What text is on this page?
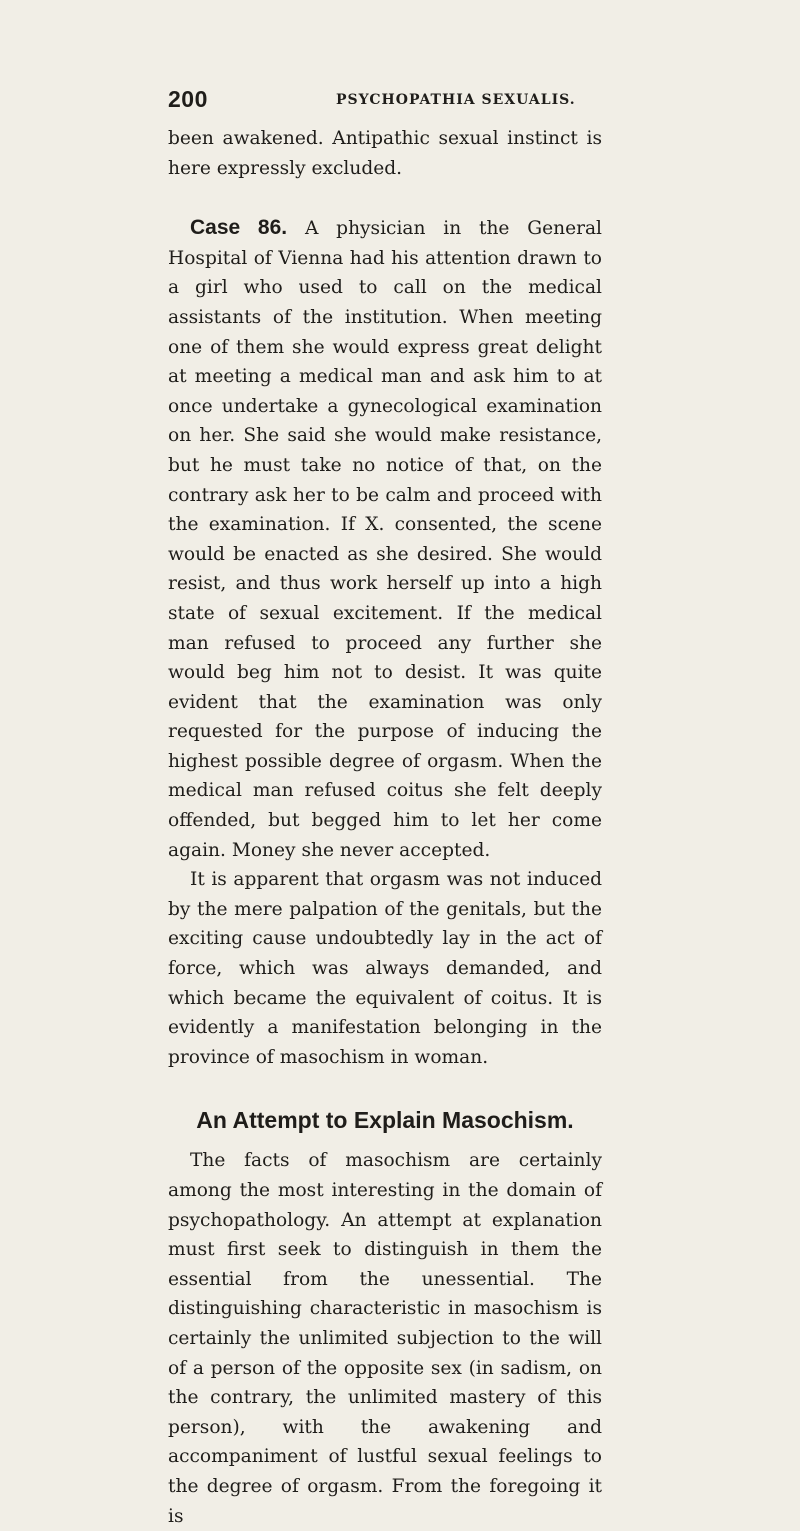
200	PSYCHOPATHIA SEXUALIS.

been awakened. Antipathic sexual instinct is here expressly excluded.

Case 86. A physician in the General Hospital of Vienna had his attention drawn to a girl who used to call on the medical assistants of the institution. When meeting one of them she would express great delight at meeting a medical man and ask him to at once undertake a gynecological examination on her. She said she would make resistance, but he must take no notice of that, on the contrary ask her to be calm and proceed with the examination. If X. consented, the scene would be enacted as she desired. She would resist, and thus work herself up into a high state of sexual excitement. If the medical man refused to proceed any further she would beg him not to desist. It was quite evident that the examination was only requested for the purpose of inducing the highest possible degree of orgasm. When the medical man refused coitus she felt deeply offended, but begged him to let her come again. Money she never accepted.

It is apparent that orgasm was not induced by the mere palpation of the genitals, but the exciting cause undoubtedly lay in the act of force, which was always demanded, and which became the equivalent of coitus. It is evidently a manifestation belonging in the province of masochism in woman.

An Attempt to Explain Masochism.

The facts of masochism are certainly among the most interesting in the domain of psychopathology. An attempt at explanation must first seek to distinguish in them the essential from the unessential. The distinguishing characteristic in masochism is certainly the unlimited subjection to the will of a person of the opposite sex (in sadism, on the contrary, the unlimited mastery of this person), with the awakening and accompaniment of lustful sexual feelings to the degree of orgasm. From the foregoing it is
